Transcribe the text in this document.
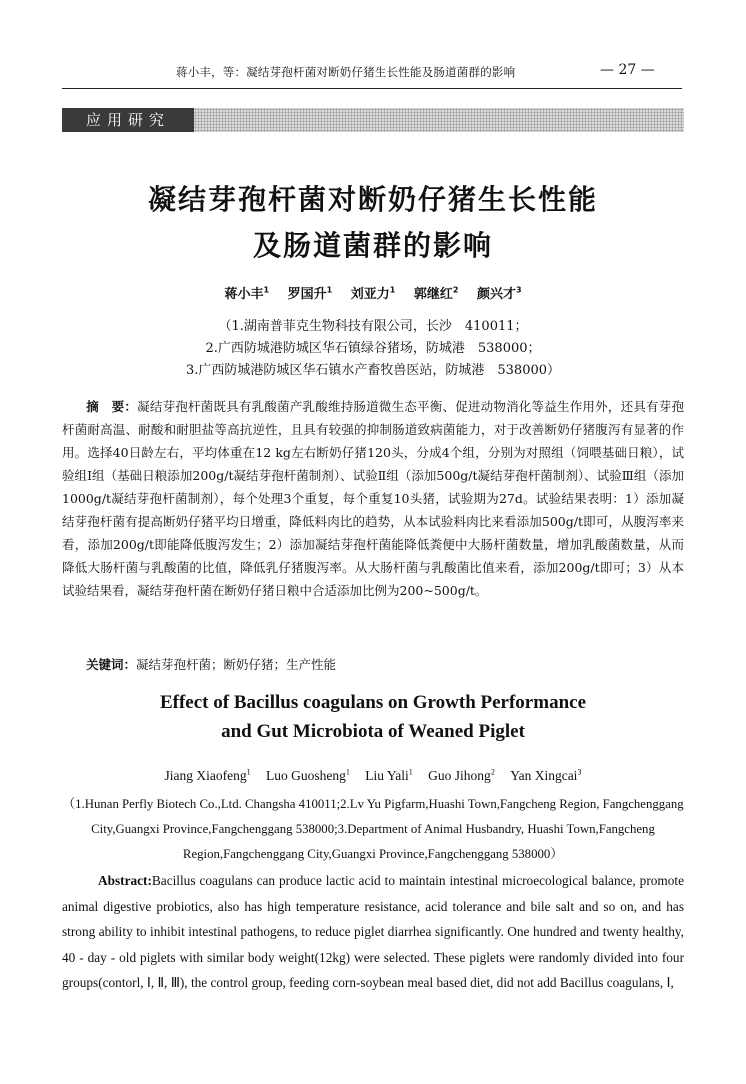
蒋小丰，等：凝结芽孢杆菌对断奶仔猪生长性能及肠道菌群的影响	— 27 —
应用研究
凝结芽孢杆菌对断奶仔猪生长性能
及肠道菌群的影响
蒋小丰$^1$ 罗国升$^1$ 刘亚力$^1$ 郭继红$^2$ 颜兴才$^3$
（1.湖南普菲克生物科技有限公司，长沙　410011；
2.广西防城港防城区华石镇绿谷猪场，防城港　538000；
3.广西防城港防城区华石镇水产畜牧兽医站，防城港　538000）
摘　要：凝结芽孢杆菌既具有乳酸菌产乳酸维持肠道微生态平衡、促进动物消化等益生作用外，还具有芽孢杆菌耐高温、耐酸和耐胆盐等高抗逆性，且具有较强的抑制肠道致病菌能力，对于改善断奶仔猪腹泻有显著的作用。选择40日龄左右，平均体重在12 kg左右断奶仔猪120头，分成4个组，分别为对照组（饲喂基础日粮），试验组Ⅰ组（基础日粮添加200g/t凝结芽孢杆菌制剂）、试验Ⅱ组（添加500g/t凝结芽孢杆菌制剂）、试验Ⅲ组（添加1000g/t凝结芽孢杆菌制剂），每个处理3个重复，每个重复10头猪，试验期为27d。试验结果表明：1）添加凝结芽孢杆菌有提高断奶仔猪平均日增重，降低料肉比的趋势，从本试验料肉比来看添加500g/t即可，从腹泻率来看，添加200g/t即能降低腹泻发生；2）添加凝结芽孢杆菌能降低粪便中大肠杆菌数量，增加乳酸菌数量，从而降低大肠杆菌与乳酸菌的比值，降低乳仔猪腹泻率。从大肠杆菌与乳酸菌比值来看，添加200g/t即可；3）从本试验结果看，凝结芽孢杆菌在断奶仔猪日粮中合适添加比例为200~500g/t。
关键词：凝结芽孢杆菌；断奶仔猪；生产性能
Effect of Bacillus coagulans on Growth Performance
and Gut Microbiota of Weaned Piglet
Jiang Xiaofeng$^1$ Luo Guosheng$^1$ Liu Yali$^1$ Guo Jihong$^2$ Yan Xingcai$^3$
（1.Hunan Perfly Biotech Co.,Ltd. Changsha 410011;2.Lv Yu Pigfarm,Huashi Town,Fangcheng Region, Fangchenggang City,Guangxi Province,Fangchenggang 538000;3.Department of Animal Husbandry, Huashi Town,Fangcheng Region,Fangchenggang City,Guangxi Province,Fangchenggang 538000）
Abstract:Bacillus coagulans can produce lactic acid to maintain intestinal microecological balance, promote animal digestive probiotics, also has high temperature resistance, acid tolerance and bile salt and so on, and has strong ability to inhibit intestinal pathogens, to reduce piglet diarrhea significantly. One hundred and twenty healthy, 40 - day - old piglets with similar body weight(12kg) were selected. These piglets were randomly divided into four groups(contorl, Ⅰ, Ⅱ, Ⅲ), the control group, feeding corn-soybean meal based diet, did not add Bacillus coagulans, Ⅰ,
